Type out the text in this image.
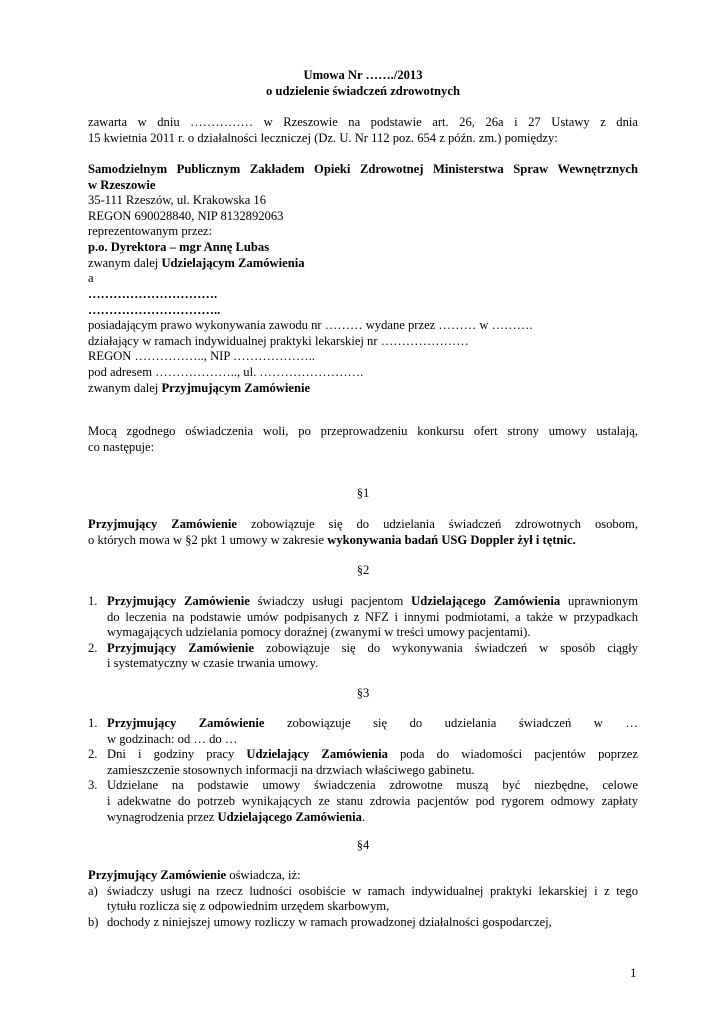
Umowa Nr ……./2013
o udzielenie świadczeń zdrowotnych
zawarta w dniu …………… w Rzeszowie na podstawie art. 26, 26a i 27 Ustawy z dnia
15 kwietnia 2011 r. o działalności leczniczej (Dz. U. Nr 112 poz. 654 z późn. zm.) pomiędzy:
Samodzielnym Publicznym Zakładem Opieki Zdrowotnej Ministerstwa Spraw Wewnętrznych
w Rzeszowie
35-111 Rzeszów, ul. Krakowska 16
REGON 690028840, NIP 8132892063
reprezentowanym przez:
p.o. Dyrektora – mgr Annę Lubas
zwanym dalej Udzielającym Zamówienia
a
………………………….
…………………………..
posiadającym prawo wykonywania zawodu nr ……… wydane przez ……… w ……….
działający w ramach indywidualnej praktyki lekarskiej nr …………………
REGON …………….., NIP ………………..
pod adresem ……………….., ul. …………………….
zwanym dalej Przyjmującym Zamówienie
Mocą zgodnego oświadczenia woli, po przeprowadzeniu konkursu ofert strony umowy ustalają,
co następuje:
§1
Przyjmujący Zamówienie zobowiązuje się do udzielania świadczeń zdrowotnych osobom,
o których mowa w §2 pkt 1 umowy w zakresie wykonywania badań USG Doppler żył i tętnic.
§2
1. Przyjmujący Zamówienie świadczy usługi pacjentom Udzielającego Zamówienia uprawnionym
do leczenia na podstawie umów podpisanych z NFZ i innymi podmiotami, a także w przypadkach
wymagających udzielania pomocy doraźnej (zwanymi w treści umowy pacjentami).
2. Przyjmujący Zamówienie zobowiązuje się do wykonywania świadczeń w sposób ciągły
i systematyczny w czasie trwania umowy.
§3
1. Przyjmujący Zamówienie zobowiązuje się do udzielania świadczeń w …
w godzinach: od … do …
2. Dni i godziny pracy Udzielający Zamówienia poda do wiadomości pacjentów poprzez
zamieszczenie stosownych informacji na drzwiach właściwego gabinetu.
3. Udzielane na podstawie umowy świadczenia zdrowotne muszą być niezbędne, celowe
i adekwatne do potrzeb wynikających ze stanu zdrowia pacjentów pod rygorem odmowy zapłaty
wynagrodzenia przez Udzielającego Zamówienia.
§4
Przyjmujący Zamówienie oświadcza, iż:
a) świadczy usługi na rzecz ludności osobiście w ramach indywidualnej praktyki lekarskiej i z tego
tytułu rozlicza się z odpowiednim urzędem skarbowym,
b) dochody z niniejszej umowy rozliczy w ramach prowadzonej działalności gospodarczej,
1
